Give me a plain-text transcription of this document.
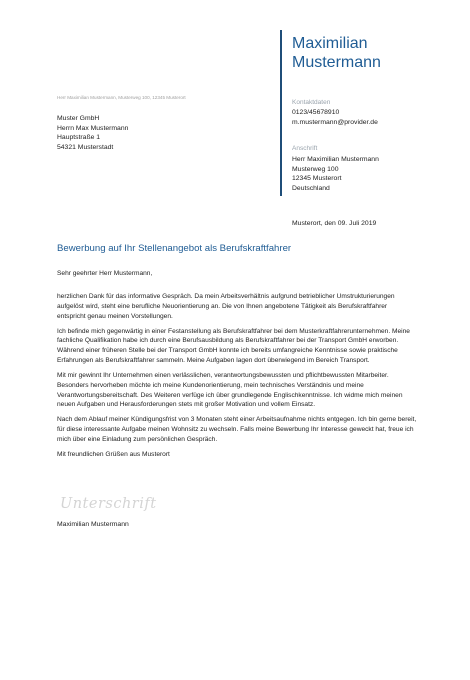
Maximilian
Mustermann
Kontaktdaten
0123/45678910
m.mustermann@provider.de
Anschrift
Herr Maximilian Mustermann
Musterweg 100
12345 Musterort
Deutschland
Herr Maximilian Mustermann, Musterweg 100, 12345 Musterort
Muster GmbH
Herrn Max Mustermann
Hauptstraße 1
54321 Musterstadt
Musterort, den 09. Juli 2019
Bewerbung auf Ihr Stellenangebot als Berufskraftfahrer
Sehr geehrter Herr Mustermann,

herzlichen Dank für das informative Gespräch. Da mein Arbeitsverhältnis aufgrund betrieblicher Umstrukturierungen aufgelöst wird, steht eine berufliche Neuorientierung an. Die von Ihnen angebotene Tätigkeit als Berufskraftfahrer entspricht genau meinen Vorstellungen.

Ich befinde mich gegenwärtig in einer Festanstellung als Berufskraftfahrer bei dem Musterkraftfahrerunternehmen. Meine fachliche Qualifikation habe ich durch eine Berufsausbildung als Berufskraftfahrer bei der Transport GmbH erworben. Während einer früheren Stelle bei der Transport GmbH konnte ich bereits umfangreiche Kenntnisse sowie praktische Erfahrungen als Berufskraftfahrer sammeln. Meine Aufgaben lagen dort überwiegend im Bereich Transport.

Mit mir gewinnt Ihr Unternehmen einen verlässlichen, verantwortungsbewussten und pflichtbewussten Mitarbeiter. Besonders hervorheben möchte ich meine Kundenorientierung, mein technisches Verständnis und meine Verantwortungsbereitschaft. Des Weiteren verfüge ich über grundlegende Englischkenntnisse. Ich widme mich meinen neuen Aufgaben und Herausforderungen stets mit großer Motivation und vollem Einsatz.

Nach dem Ablauf meiner Kündigungsfrist von 3 Monaten steht einer Arbeitsaufnahme nichts entgegen. Ich bin gerne bereit, für diese interessante Aufgabe meinen Wohnsitz zu wechseln. Falls meine Bewerbung Ihr Interesse geweckt hat, freue ich mich über eine Einladung zum persönlichen Gespräch.

Mit freundlichen Grüßen aus Musterort

Unterschrift
Maximilian Mustermann
